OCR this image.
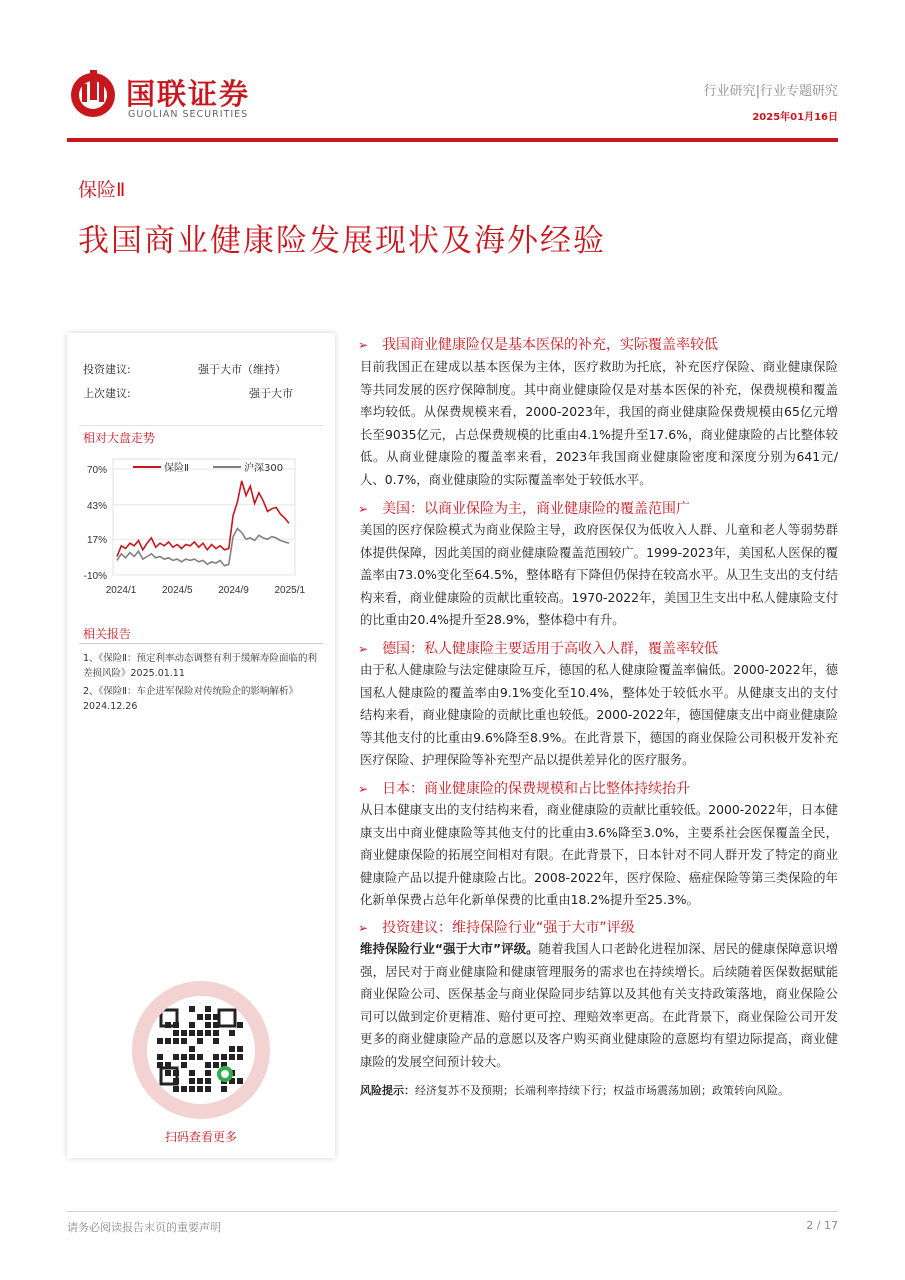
国联证券
GUOLIAN SECURITIES
行业研究|行业专题研究
2025年01月16日
保险Ⅱ
我国商业健康险发展现状及海外经验
投资建议:	强于大市（维持）
上次建议:	强于大市
相对大盘走势
70%
43%
17%
-10%
2024/1	2024/5	2024/9	2025/1
保险Ⅱ	沪深300
相关报告
1、《保险Ⅱ：预定利率动态调整有利于缓解寿险面临的利差损风险》2025.01.11
2、《保险Ⅱ：车企进军保险对传统险企的影响解析》2024.12.26
扫码查看更多
➢ 我国商业健康险仅是基本医保的补充，实际覆盖率较低
目前我国正在建成以基本医保为主体，医疗救助为托底，补充医疗保险、商业健康保险等共同发展的医疗保障制度。其中商业健康险仅是对基本医保的补充，保费规模和覆盖率均较低。从保费规模来看，2000-2023年，我国的商业健康险保费规模由65亿元增长至9035亿元，占总保费规模的比重由4.1%提升至17.6%，商业健康险的占比整体较低。从商业健康险的覆盖率来看，2023年我国商业健康险密度和深度分别为641元/人、0.7%，商业健康险的实际覆盖率处于较低水平。
➢ 美国：以商业保险为主，商业健康险的覆盖范围广
美国的医疗保险模式为商业保险主导，政府医保仅为低收入人群、儿童和老人等弱势群体提供保障，因此美国的商业健康险覆盖范围较广。1999-2023年，美国私人医保的覆盖率由73.0%变化至64.5%，整体略有下降但仍保持在较高水平。从卫生支出的支付结构来看，商业健康险的贡献比重较高。1970-2022年，美国卫生支出中私人健康险支付的比重由20.4%提升至28.9%，整体稳中有升。
➢ 德国：私人健康险主要适用于高收入人群，覆盖率较低
由于私人健康险与法定健康险互斥，德国的私人健康险覆盖率偏低。2000-2022年，德国私人健康险的覆盖率由9.1%变化至10.4%，整体处于较低水平。从健康支出的支付结构来看，商业健康险的贡献比重也较低。2000-2022年，德国健康支出中商业健康险等其他支付的比重由9.6%降至8.9%。在此背景下，德国的商业保险公司积极开发补充医疗保险、护理保险等补充型产品以提供差异化的医疗服务。
➢ 日本：商业健康险的保费规模和占比整体持续抬升
从日本健康支出的支付结构来看，商业健康险的贡献比重较低。2000-2022年，日本健康支出中商业健康险等其他支付的比重由3.6%降至3.0%，主要系社会医保覆盖全民，商业健康保险的拓展空间相对有限。在此背景下，日本针对不同人群开发了特定的商业健康险产品以提升健康险占比。2008-2022年，医疗保险、癌症保险等第三类保险的年化新单保费占总年化新单保费的比重由18.2%提升至25.3%。
➢ 投资建议：维持保险行业“强于大市”评级
维持保险行业“强于大市”评级。随着我国人口老龄化进程加深、居民的健康保障意识增强，居民对于商业健康险和健康管理服务的需求也在持续增长。后续随着医保数据赋能商业保险公司、医保基金与商业保险同步结算以及其他有关支持政策落地，商业保险公司可以做到定价更精准、赔付更可控、理赔效率更高。在此背景下，商业保险公司开发更多的商业健康险产品的意愿以及客户购买商业健康险的意愿均有望边际提高，商业健康险的发展空间预计较大。
风险提示：经济复苏不及预期；长端利率持续下行；权益市场震荡加剧；政策转向风险。
请务必阅读报告末页的重要声明	2 / 17
